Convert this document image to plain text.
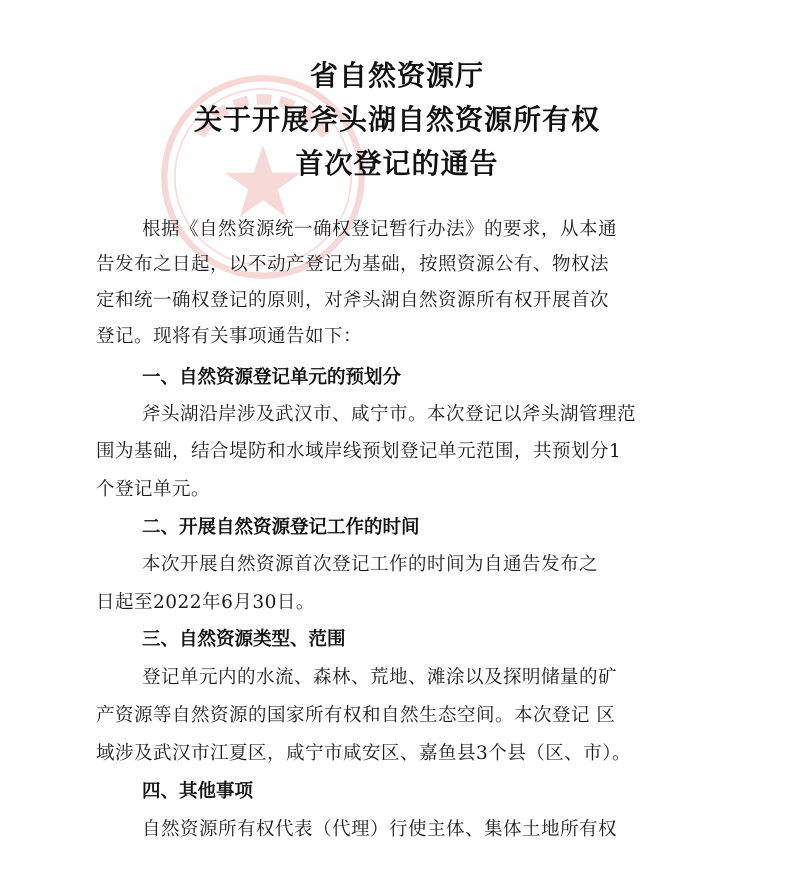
省自然资源厅
关于开展斧头湖自然资源所有权
首次登记的通告
根据《自然资源统一确权登记暂行办法》的要求，从本通
告发布之日起，以不动产登记为基础，按照资源公有、物权法
定和统一确权登记的原则，对斧头湖自然资源所有权开展首次
登记。现将有关事项通告如下：
一、自然资源登记单元的预划分
斧头湖沿岸涉及武汉市、咸宁市。本次登记以斧头湖管理范
围为基础，结合堤防和水域岸线预划登记单元范围，共预划分1
个登记单元。
二、开展自然资源登记工作的时间
本次开展自然资源首次登记工作的时间为自通告发布之
日起至2022年6月30日。
三、自然资源类型、范围
登记单元内的水流、森林、荒地、滩涂以及探明储量的矿
产资源等自然资源的国家所有权和自然生态空间。本次登记 区
域涉及武汉市江夏区，咸宁市咸安区、嘉鱼县3个县（区、市）。
四、其他事项
自然资源所有权代表（代理）行使主体、集体土地所有权
